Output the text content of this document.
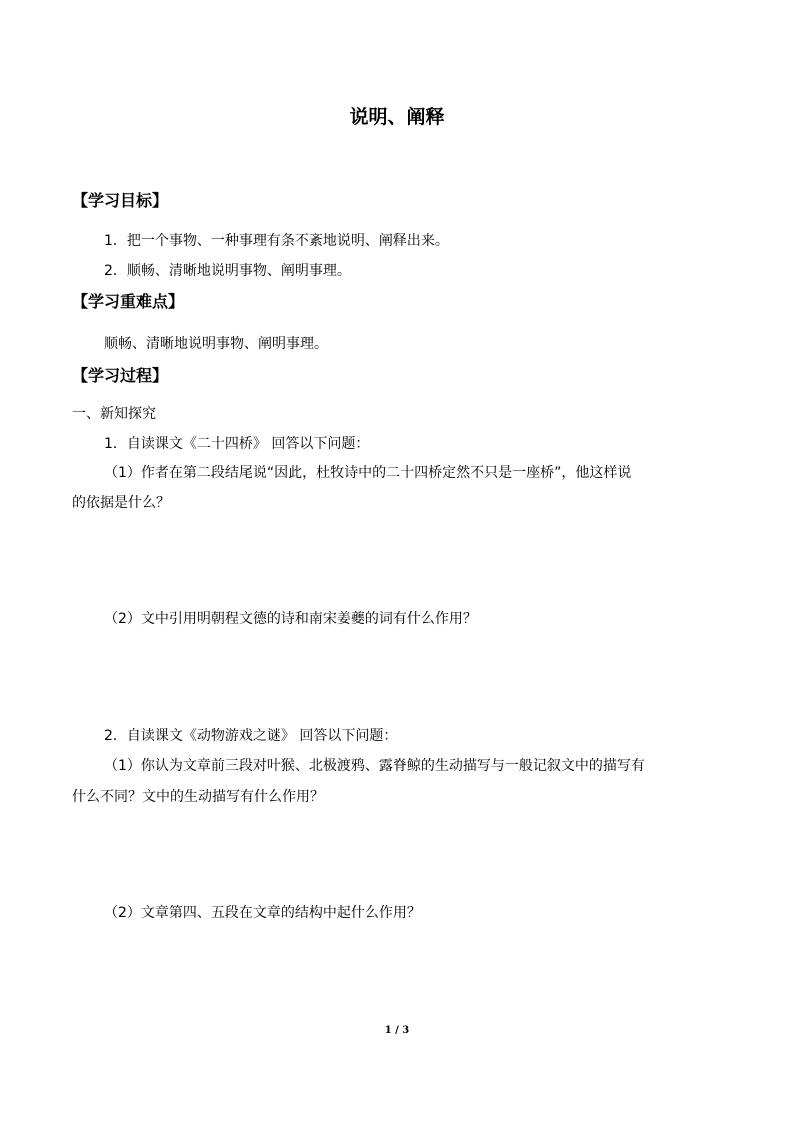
说明、阐释
【学习目标】
1．把一个事物、一种事理有条不紊地说明、阐释出来。
2．顺畅、清晰地说明事物、阐明事理。
【学习重难点】
顺畅、清晰地说明事物、阐明事理。
【学习过程】
一、新知探究
1．自读课文《二十四桥》 回答以下问题：
（1）作者在第二段结尾说“因此，杜牧诗中的二十四桥定然不只是一座桥”，他这样说
的依据是什么？
（2）文中引用明朝程文德的诗和南宋姜夔的词有什么作用？
2．自读课文《动物游戏之谜》 回答以下问题：
（1）你认为文章前三段对叶猴、北极渡鸦、露脊鲸的生动描写与一般记叙文中的描写有
什么不同？文中的生动描写有什么作用？
（2）文章第四、五段在文章的结构中起什么作用？
1 / 3
